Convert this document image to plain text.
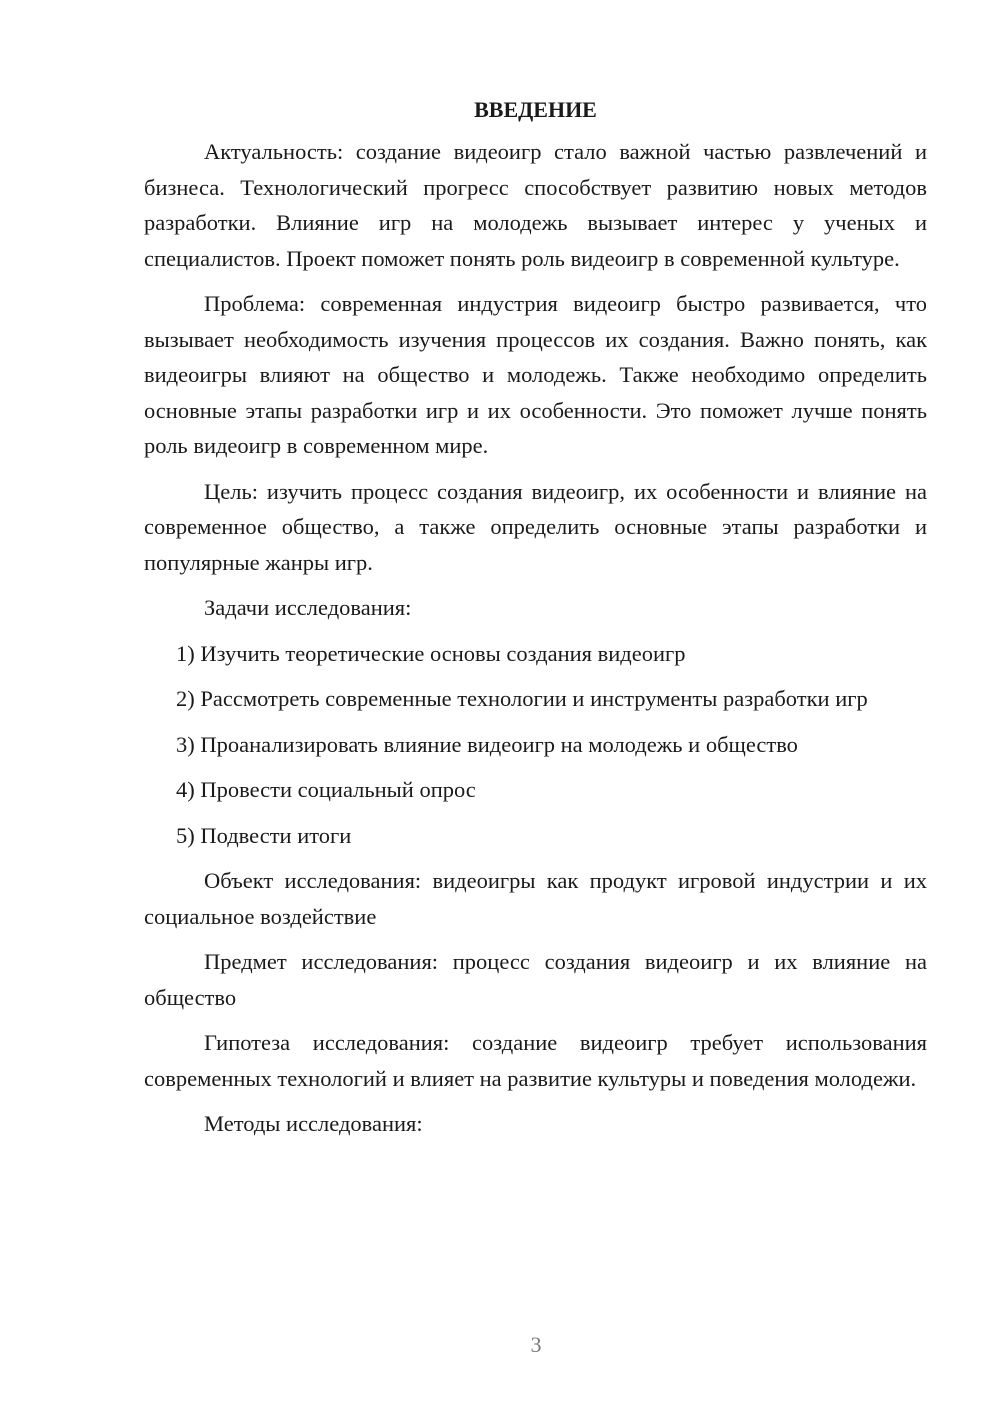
ВВЕДЕНИЕ

Актуальность: создание видеоигр стало важной частью развлечений и бизнеса. Технологический прогресс способствует развитию новых методов разработки. Влияние игр на молодежь вызывает интерес у ученых и специалистов. Проект поможет понять роль видеоигр в современной культуре.

Проблема: современная индустрия видеоигр быстро развивается, что вызывает необходимость изучения процессов их создания. Важно понять, как видеоигры влияют на общество и молодежь. Также необходимо определить основные этапы разработки игр и их особенности. Это поможет лучше понять роль видеоигр в современном мире.

Цель: изучить процесс создания видеоигр, их особенности и влияние на современное общество, а также определить основные этапы разработки и популярные жанры игр.

Задачи исследования:

1) Изучить теоретические основы создания видеоигр

2) Рассмотреть современные технологии и инструменты разработки игр

3) Проанализировать влияние видеоигр на молодежь и общество

4) Провести социальный опрос

5) Подвести итоги

Объект исследования: видеоигры как продукт игровой индустрии и их социальное воздействие

Предмет исследования: процесс создания видеоигр и их влияние на общество

Гипотеза исследования: создание видеоигр требует использования современных технологий и влияет на развитие культуры и поведения молодежи.

Методы исследования:

3
